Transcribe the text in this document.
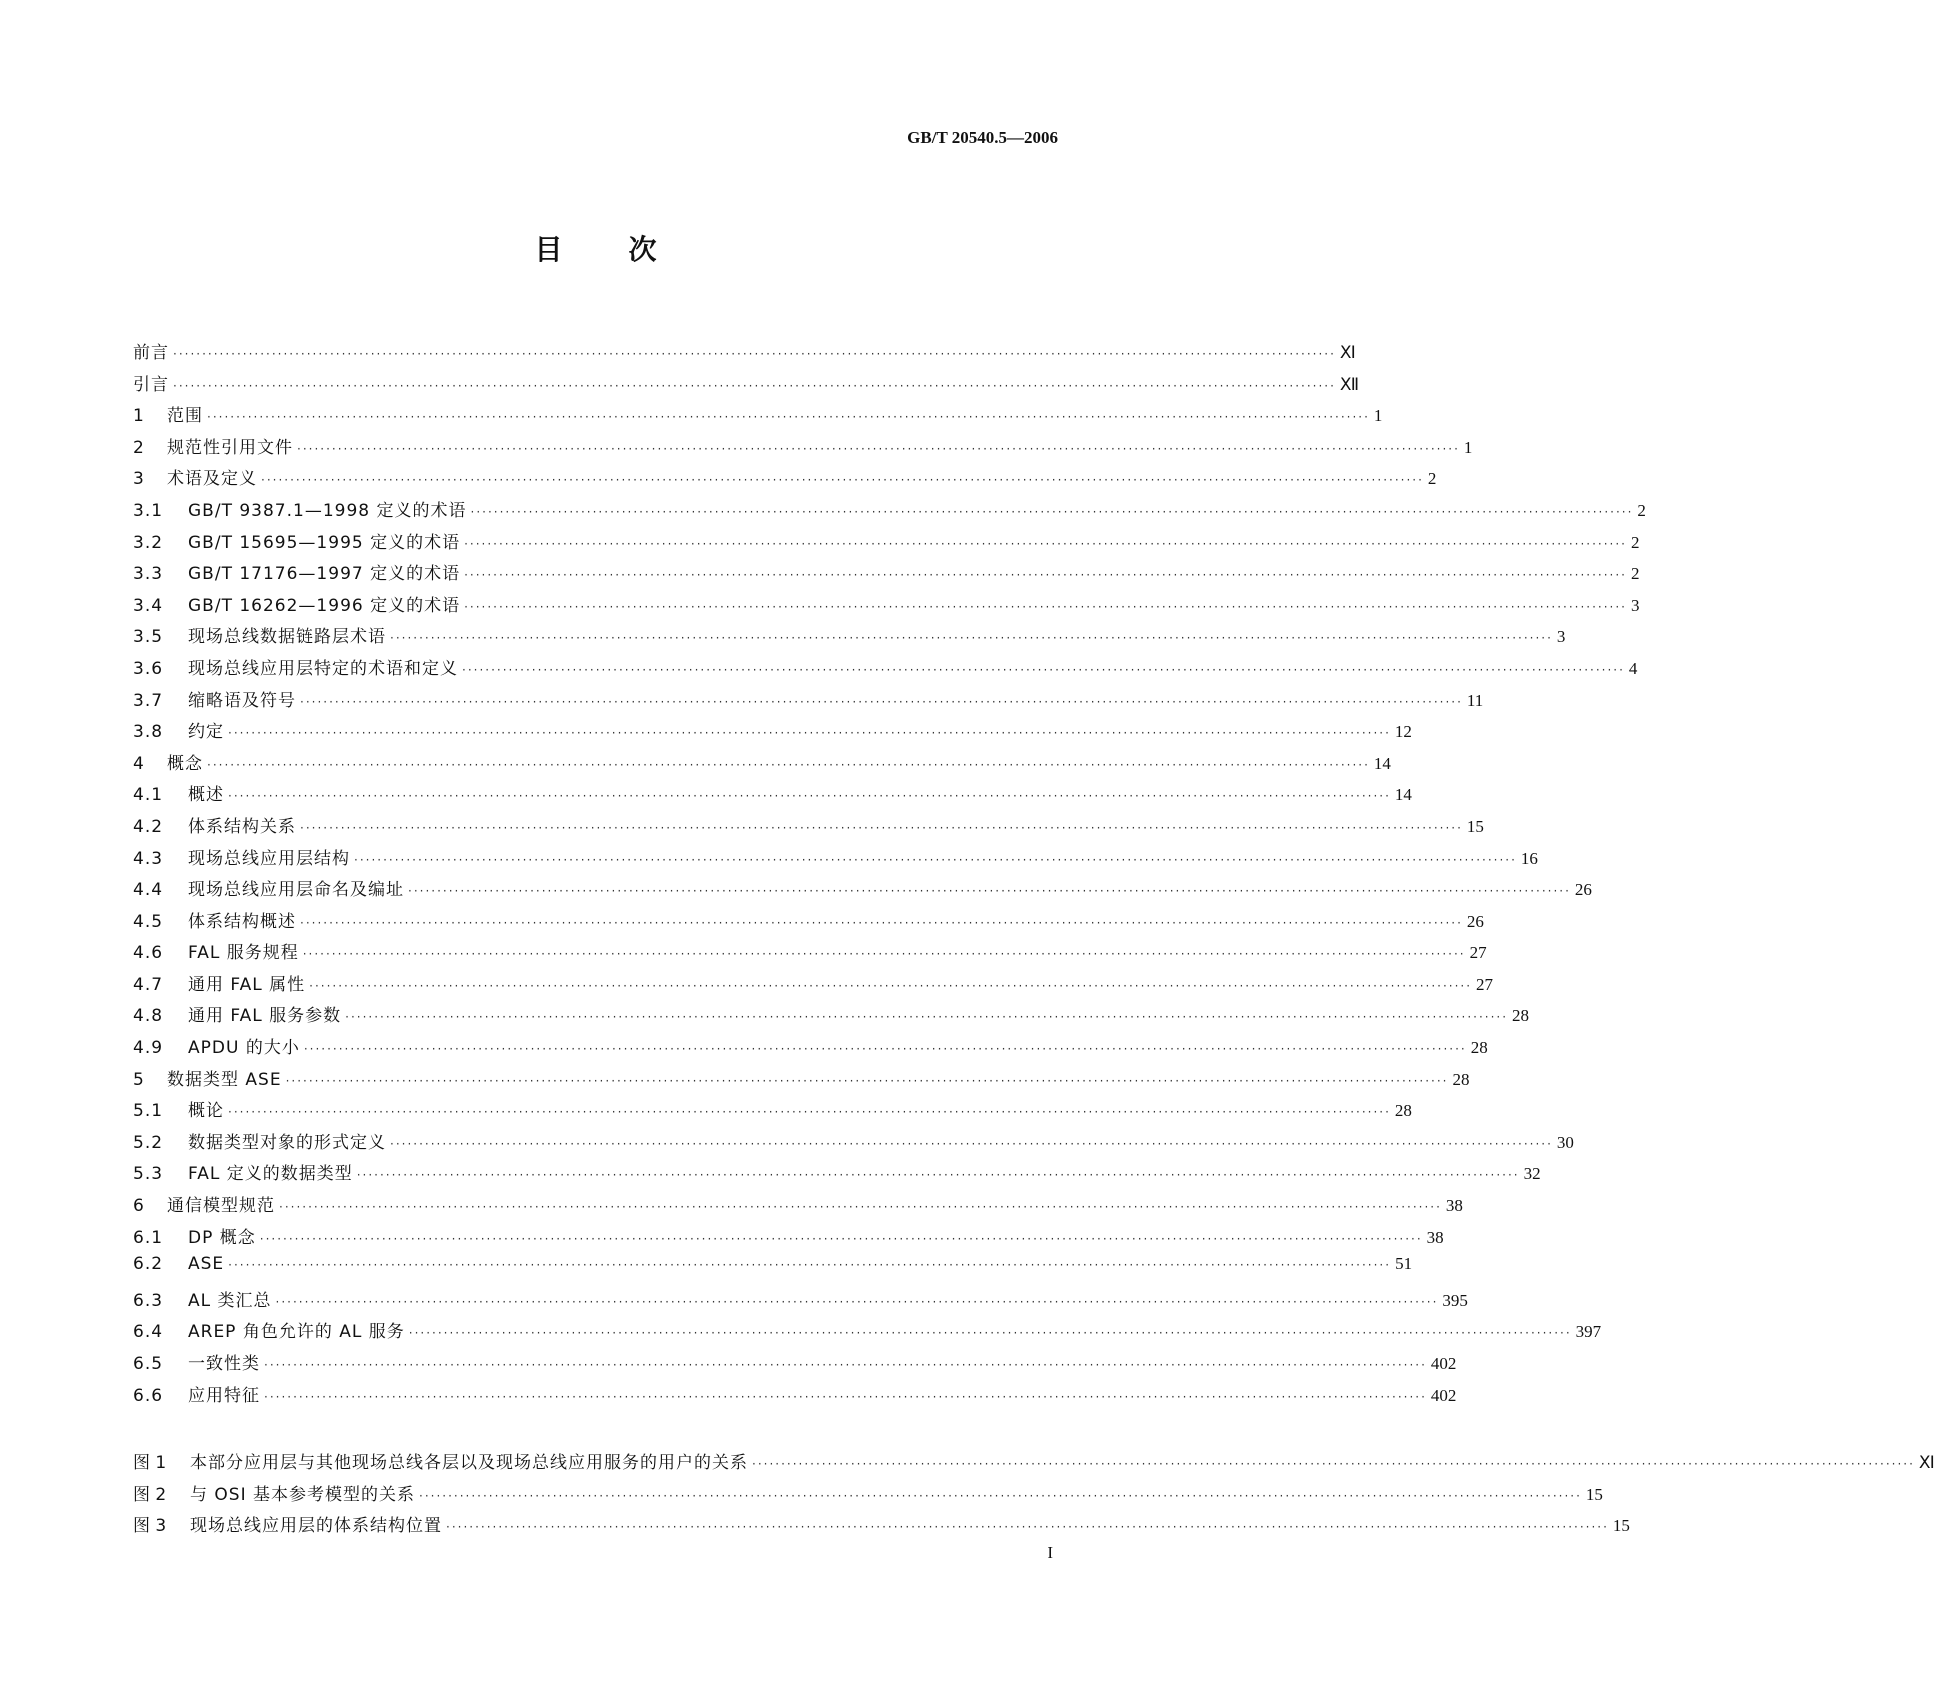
GB/T 20540.5—2006
目 次
前言 ········································································································································································································ Ⅺ
引言 ········································································································································································································ Ⅻ
1	范围 ········································································································································································································ 1
2	规范性引用文件 ········································································································································································································ 1
3	术语及定义 ········································································································································································································ 2
3.1	GB/T 9387.1—1998 定义的术语 ········································································································································································································ 2
3.2	GB/T 15695—1995 定义的术语 ········································································································································································································ 2
3.3	GB/T 17176—1997 定义的术语 ········································································································································································································ 2
3.4	GB/T 16262—1996 定义的术语 ········································································································································································································ 3
3.5	现场总线数据链路层术语 ········································································································································································································ 3
3.6	现场总线应用层特定的术语和定义 ········································································································································································································ 4
3.7	缩略语及符号 ········································································································································································································ 11
3.8	约定 ········································································································································································································ 12
4	概念 ········································································································································································································ 14
4.1	概述 ········································································································································································································ 14
4.2	体系结构关系 ········································································································································································································ 15
4.3	现场总线应用层结构 ········································································································································································································ 16
4.4	现场总线应用层命名及编址 ········································································································································································································ 26
4.5	体系结构概述 ········································································································································································································ 26
4.6	FAL 服务规程 ········································································································································································································ 27
4.7	通用 FAL 属性 ········································································································································································································ 27
4.8	通用 FAL 服务参数 ········································································································································································································ 28
4.9	APDU 的大小 ········································································································································································································ 28
5	数据类型 ASE ········································································································································································································ 28
5.1	概论 ········································································································································································································ 28
5.2	数据类型对象的形式定义 ········································································································································································································ 30
5.3	FAL 定义的数据类型 ········································································································································································································ 32
6	通信模型规范 ········································································································································································································ 38
6.1	DP 概念 ········································································································································································································ 38
6.2	ASE ········································································································································································································ 51
6.3	AL 类汇总 ········································································································································································································ 395
6.4	AREP 角色允许的 AL 服务 ········································································································································································································ 397
6.5	一致性类 ········································································································································································································ 402
6.6	应用特征 ········································································································································································································ 402
图 1	本部分应用层与其他现场总线各层以及现场总线应用服务的用户的关系 ········································································································································································································ Ⅺ
图 2	与 OSI 基本参考模型的关系 ········································································································································································································ 15
图 3	现场总线应用层的体系结构位置 ········································································································································································································ 15
I
